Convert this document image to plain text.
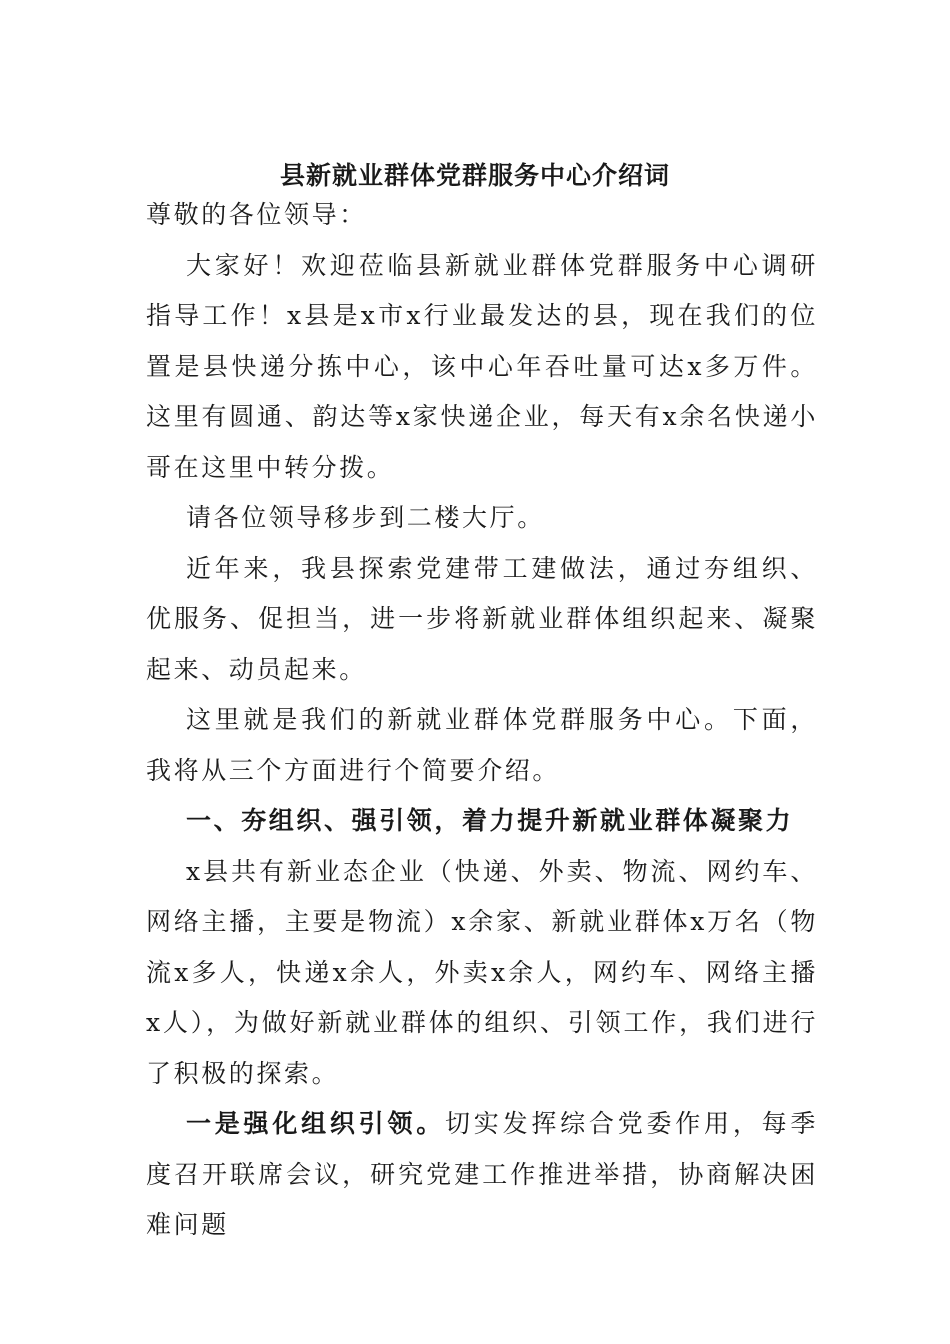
县新就业群体党群服务中心介绍词

尊敬的各位领导：

大家好！欢迎莅临县新就业群体党群服务中心调研指导工作！x县是x市x行业最发达的县，现在我们的位置是县快递分拣中心，该中心年吞吐量可达x多万件。这里有圆通、韵达等x家快递企业，每天有x余名快递小哥在这里中转分拨。

请各位领导移步到二楼大厅。

近年来，我县探索党建带工建做法，通过夯组织、优服务、促担当，进一步将新就业群体组织起来、凝聚起来、动员起来。

这里就是我们的新就业群体党群服务中心。下面，我将从三个方面进行个简要介绍。

一、夯组织、强引领，着力提升新就业群体凝聚力

x县共有新业态企业（快递、外卖、物流、网约车、网络主播，主要是物流）x余家、新就业群体x万名（物流x多人，快递x余人，外卖x余人，网约车、网络主播x人），为做好新就业群体的组织、引领工作，我们进行了积极的探索。

一是强化组织引领。切实发挥综合党委作用，每季度召开联席会议，研究党建工作推进举措，协商解决困难问题
